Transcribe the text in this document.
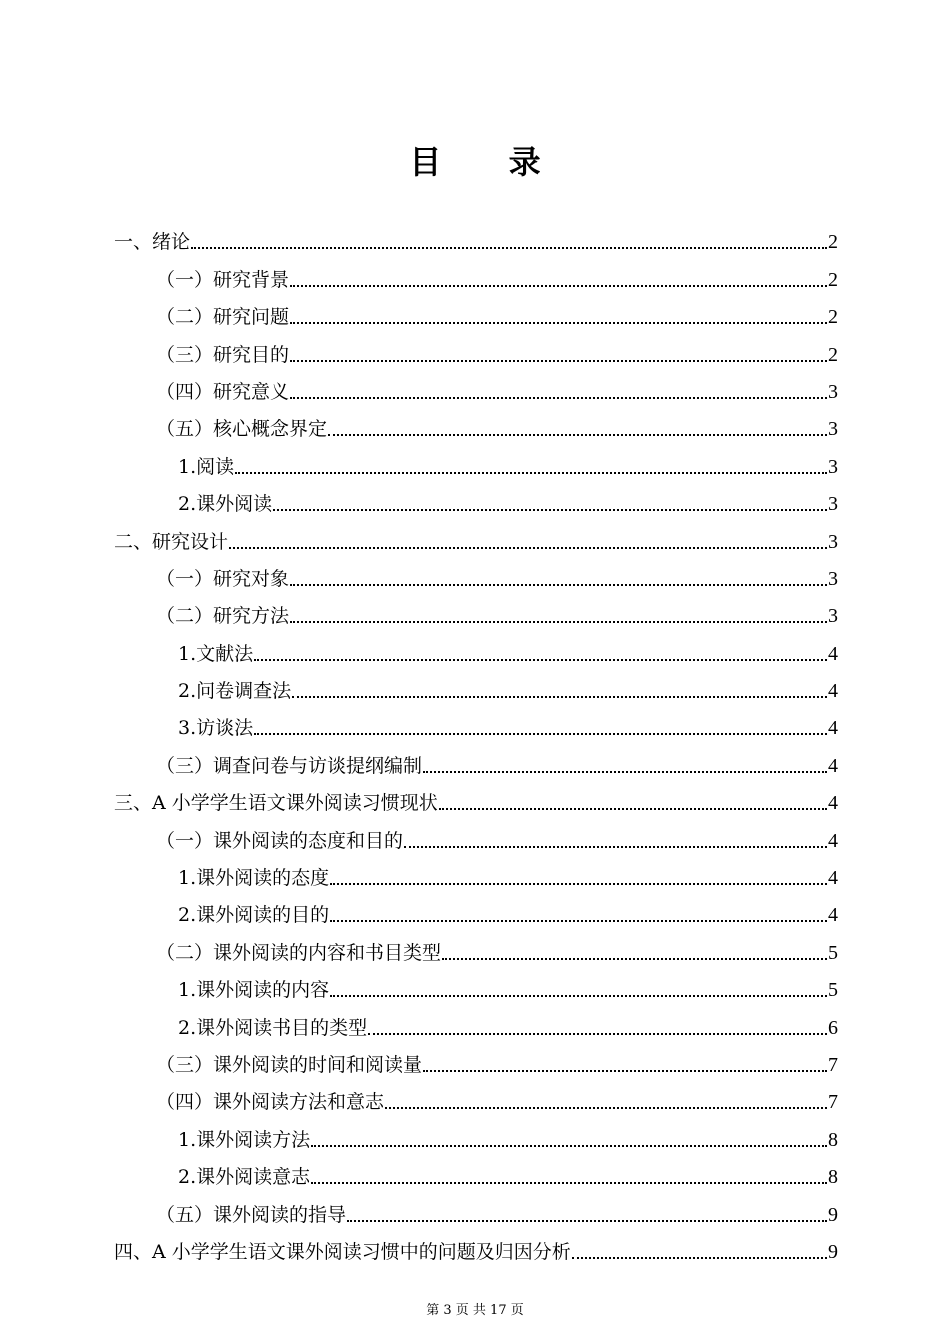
目 录
一、绪论	2
（一）研究背景	2
（二）研究问题	2
（三）研究目的	2
（四）研究意义	3
（五）核心概念界定	3
1.阅读	3
2.课外阅读	3
二、研究设计	3
（一）研究对象	3
（二）研究方法	3
1.文献法	4
2.问卷调查法	4
3.访谈法	4
（三）调查问卷与访谈提纲编制	4
三、A 小学学生语文课外阅读习惯现状	4
（一）课外阅读的态度和目的	4
1.课外阅读的态度	4
2.课外阅读的目的	4
（二）课外阅读的内容和书目类型	5
1.课外阅读的内容	5
2.课外阅读书目的类型	6
（三）课外阅读的时间和阅读量	7
（四）课外阅读方法和意志	7
1.课外阅读方法	8
2.课外阅读意志	8
（五）课外阅读的指导	9
四、A 小学学生语文课外阅读习惯中的问题及归因分析	9
第 3 页 共 17 页
